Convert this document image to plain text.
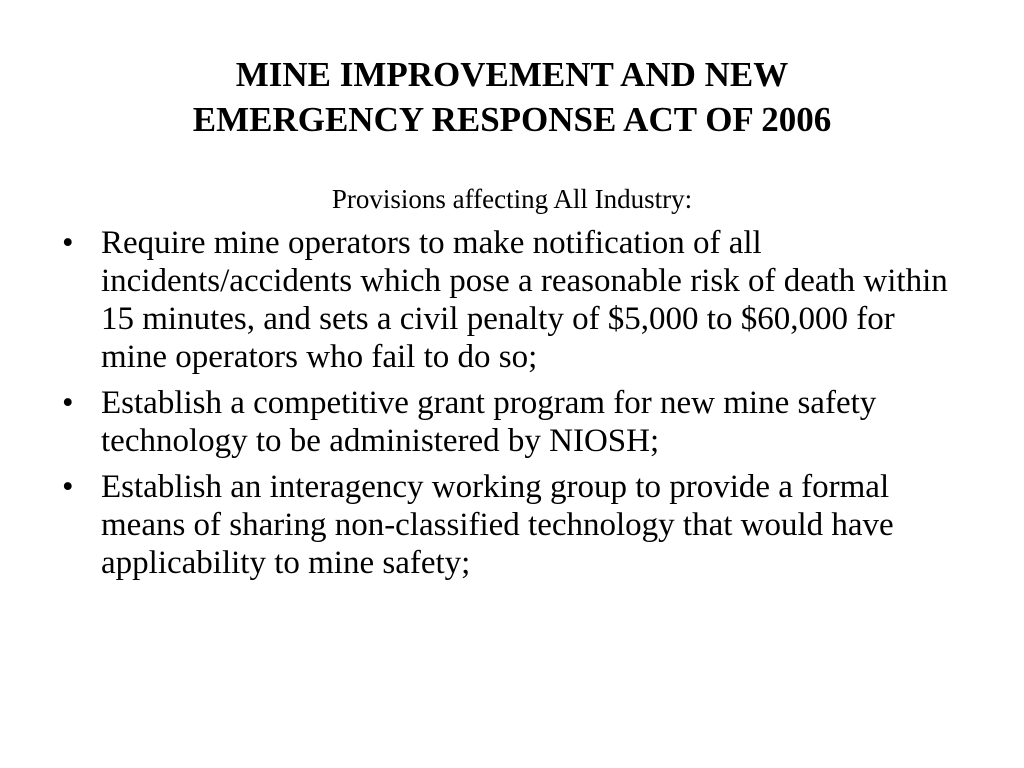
MINE IMPROVEMENT AND NEW
EMERGENCY RESPONSE ACT OF 2006

Provisions affecting All Industry:

• Require mine operators to make notification of all incidents/accidents which pose a reasonable risk of death within 15 minutes, and sets a civil penalty of $5,000 to $60,000 for mine operators who fail to do so;
• Establish a competitive grant program for new mine safety technology to be administered by NIOSH;
• Establish an interagency working group to provide a formal means of sharing non-classified technology that would have applicability to mine safety;
